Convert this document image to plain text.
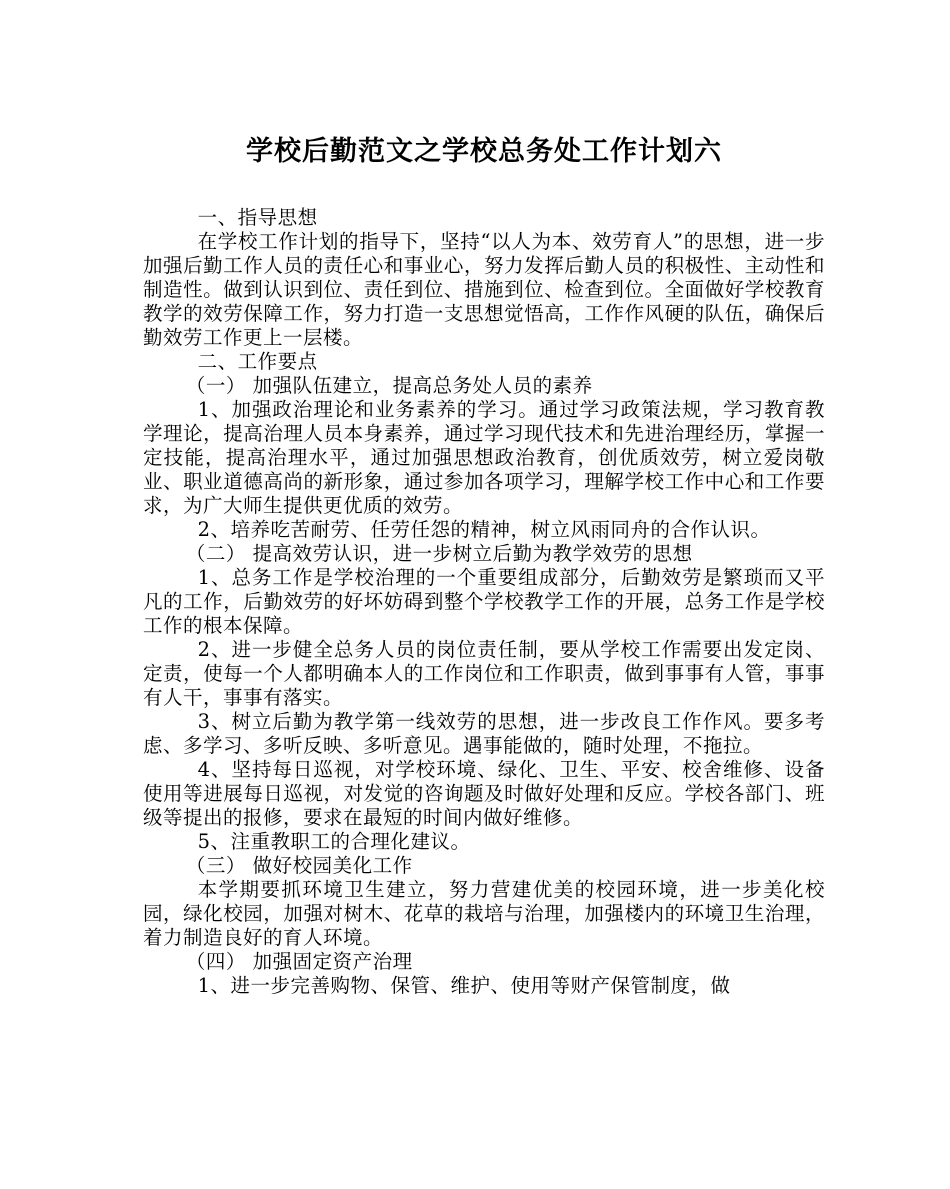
学校后勤范文之学校总务处工作计划六

一、指导思想

在学校工作计划的指导下，坚持“以人为本、效劳育人”的思想，进一步加强后勤工作人员的责任心和事业心，努力发挥后勤人员的积极性、主动性和制造性。做到认识到位、责任到位、措施到位、检查到位。全面做好学校教育教学的效劳保障工作，努力打造一支思想觉悟高，工作作风硬的队伍，确保后勤效劳工作更上一层楼。

二、工作要点

（一） 加强队伍建立，提高总务处人员的素养

1、加强政治理论和业务素养的学习。通过学习政策法规，学习教育教学理论，提高治理人员本身素养，通过学习现代技术和先进治理经历，掌握一定技能，提高治理水平，通过加强思想政治教育，创优质效劳，树立爱岗敬业、职业道德高尚的新形象，通过参加各项学习，理解学校工作中心和工作要求，为广大师生提供更优质的效劳。

2、培养吃苦耐劳、任劳任怨的精神，树立风雨同舟的合作认识。

（二） 提高效劳认识，进一步树立后勤为教学效劳的思想

1、总务工作是学校治理的一个重要组成部分，后勤效劳是繁琐而又平凡的工作，后勤效劳的好坏妨碍到整个学校教学工作的开展，总务工作是学校工作的根本保障。

2、进一步健全总务人员的岗位责任制，要从学校工作需要出发定岗、定责，使每一个人都明确本人的工作岗位和工作职责，做到事事有人管，事事有人干，事事有落实。

3、树立后勤为教学第一线效劳的思想，进一步改良工作作风。要多考虑、多学习、多听反映、多听意见。遇事能做的，随时处理，不拖拉。

4、坚持每日巡视，对学校环境、绿化、卫生、平安、校舍维修、设备使用等进展每日巡视，对发觉的咨询题及时做好处理和反应。学校各部门、班级等提出的报修，要求在最短的时间内做好维修。

5、注重教职工的合理化建议。

（三） 做好校园美化工作

本学期要抓环境卫生建立，努力营建优美的校园环境，进一步美化校园，绿化校园，加强对树木、花草的栽培与治理，加强楼内的环境卫生治理，着力制造良好的育人环境。

（四） 加强固定资产治理

1、进一步完善购物、保管、维护、使用等财产保管制度，做
